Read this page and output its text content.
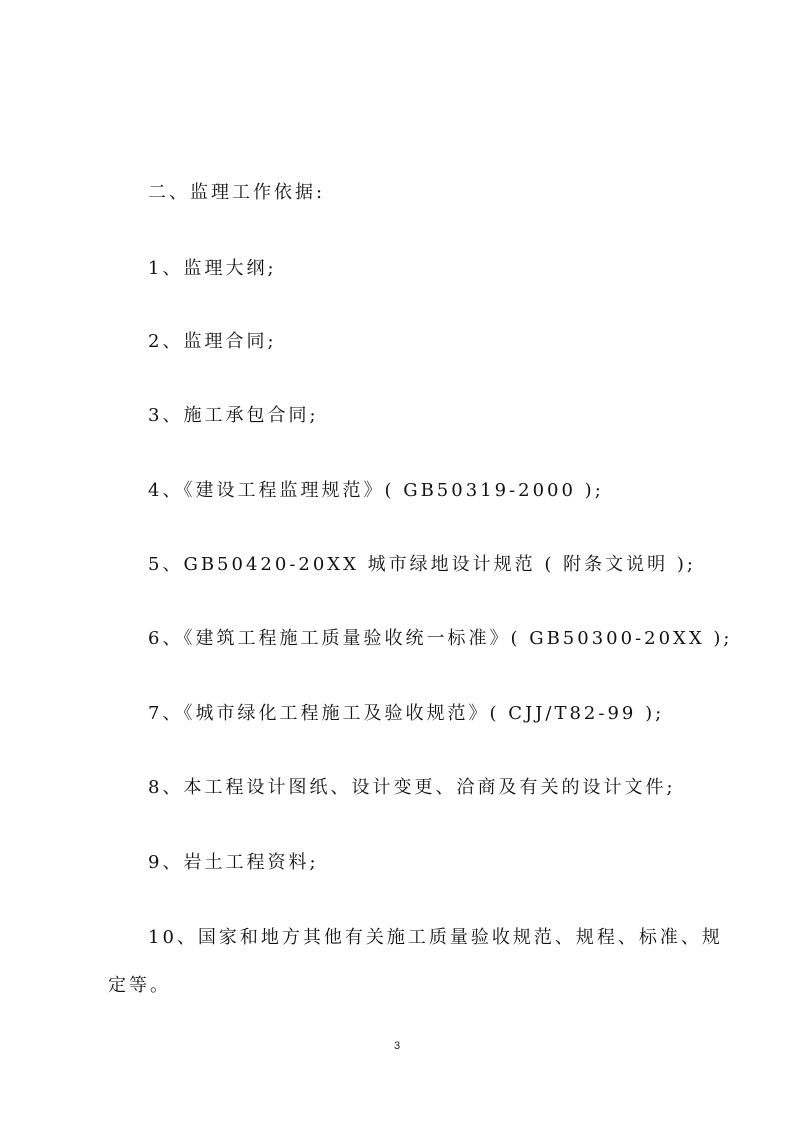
二、监理工作依据:
1、监理大纲;
2、监理合同;
3、施工承包合同;
4、《建设工程监理规范》( GB50319-2000 );
5、GB50420-20XX 城市绿地设计规范 ( 附条文说明 );
6、《建筑工程施工质量验收统一标准》( GB50300-20XX );
7、《城市绿化工程施工及验收规范》( CJJ/T82-99 );
8、本工程设计图纸、设计变更、洽商及有关的设计文件;
9、岩土工程资料;
10、国家和地方其他有关施工质量验收规范、规程、标准、规定等。
3
